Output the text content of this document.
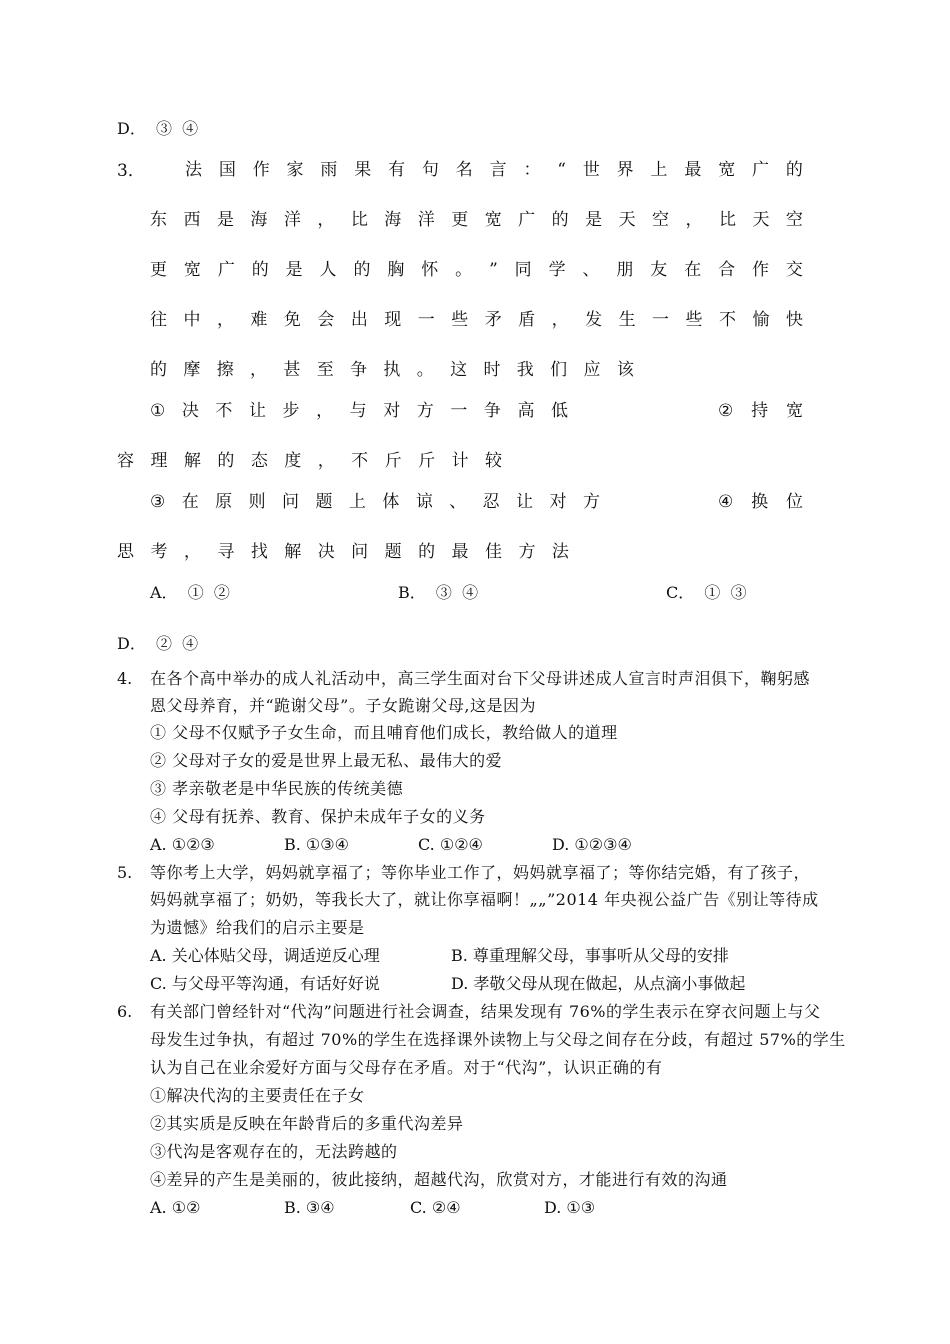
D．  ③  ④
3． 法 国 作 家 雨 果 有 句 名 言 ： “ 世 界 上 最 宽 广 的
东 西 是 海 洋 ， 比 海 洋 更 宽 广 的 是 天 空 ， 比 天 空
更 宽 广 的 是 人 的 胸 怀 。 ” 同 学 、 朋 友 在 合 作 交
往 中 ， 难 免 会 出 现 一 些 矛 盾 ， 发 生 一 些 不 愉 快
的 摩 擦 ， 甚 至 争 执 。 这 时 我 们 应 该
① 决 不 让 步 ， 与 对 方 一 争 高 低	② 持 宽
容 理 解 的 态 度 ， 不 斤 斤 计 较
③ 在 原 则 问 题 上 体 谅 、 忍 让 对 方	④ 换 位
思 考 ， 寻 找 解 决 问 题 的 最 佳 方 法
A．  ①  ②	B．  ③  ④	C．  ①  ③
D．  ②  ④
4. 在各个高中举办的成人礼活动中，高三学生面对台下父母讲述成人宣言时声泪俱下，鞠躬感
恩父母养育，并“跪谢父母”。子女跪谢父母,这是因为
① 父母不仅赋予子女生命，而且哺育他们成长，教给做人的道理
② 父母对子女的爱是世界上最无私、最伟大的爱
③ 孝亲敬老是中华民族的传统美德
④ 父母有抚养、教育、保护未成年子女的义务
A. ①②③	B. ①③④	C. ①②④	D. ①②③④
5. 等你考上大学，妈妈就享福了；等你毕业工作了，妈妈就享福了；等你结完婚，有了孩子，
妈妈就享福了；奶奶，等我长大了，就让你享福啊！„„”2014 年央视公益广告《别让等待成
为遗憾》给我们的启示主要是
A. 关心体贴父母，调适逆反心理	B. 尊重理解父母，事事听从父母的安排
C. 与父母平等沟通，有话好好说	D. 孝敬父母从现在做起，从点滴小事做起
6. 有关部门曾经针对“代沟”问题进行社会调查，结果发现有 76%的学生表示在穿衣问题上与父
母发生过争执，有超过 70%的学生在选择课外读物上与父母之间存在分歧，有超过 57%的学生
认为自己在业余爱好方面与父母存在矛盾。对于“代沟”，认识正确的有
①解决代沟的主要责任在子女
②其实质是反映在年龄背后的多重代沟差异
③代沟是客观存在的，无法跨越的
④差异的产生是美丽的，彼此接纳，超越代沟，欣赏对方，才能进行有效的沟通
A. ①②	B. ③④	C. ②④	D. ①③
